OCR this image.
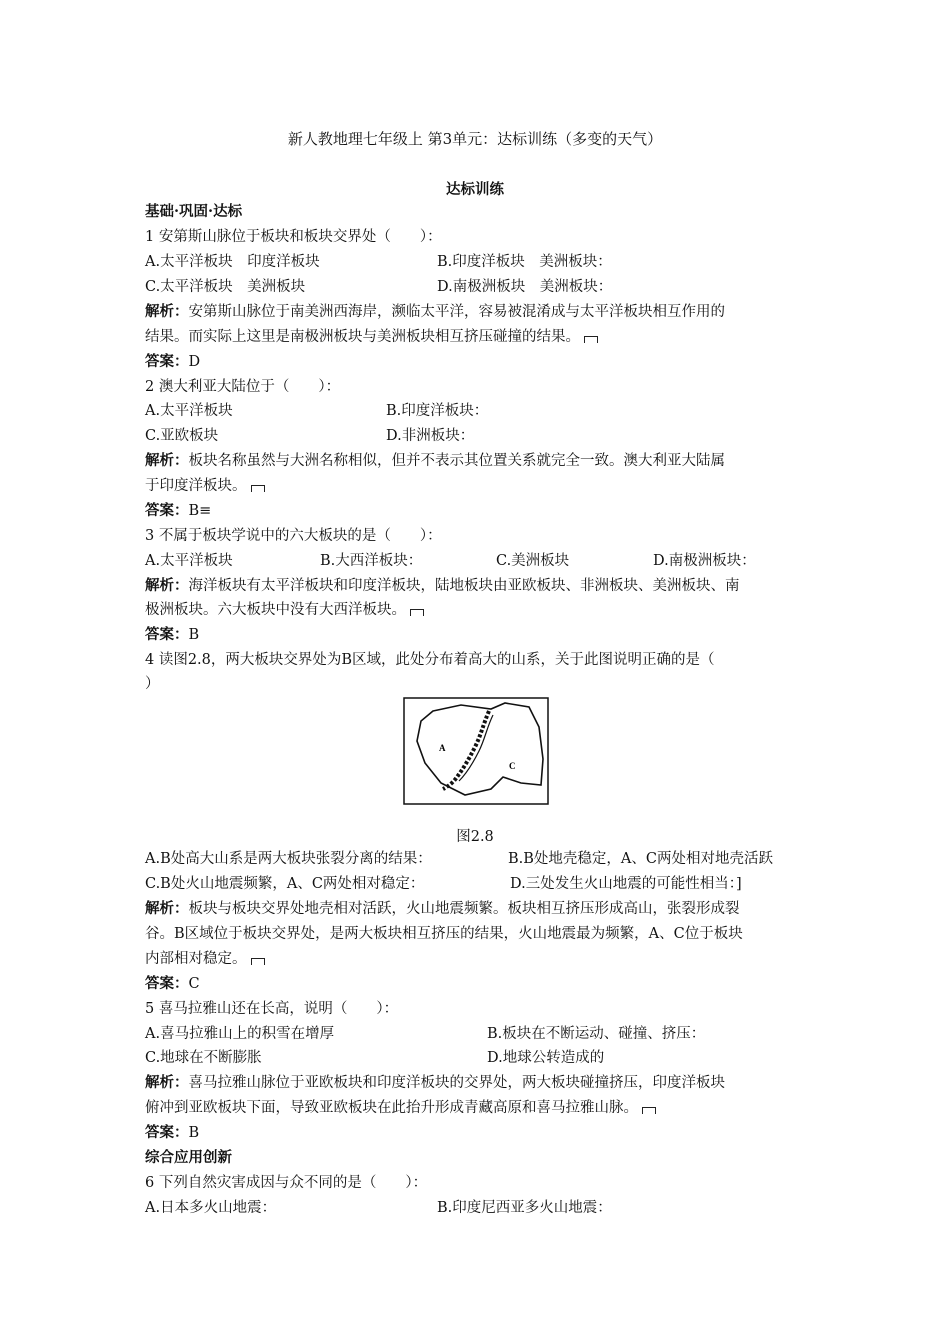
新人教地理七年级上 第3单元：达标训练（多变的天气）
达标训练
基础·巩固·达标
1 安第斯山脉位于板块和板块交界处（　　）：
A.太平洋板块　印度洋板块	B.印度洋板块　美洲板块：
C.太平洋板块　美洲板块	D.南极洲板块　美洲板块：
解析：安第斯山脉位于南美洲西海岸，濒临太平洋，容易被混淆成与太平洋板块相互作用的
结果。而实际上这里是南极洲板块与美洲板块相互挤压碰撞的结果。
答案：D
2 澳大利亚大陆位于（　　）：
A.太平洋板块	B.印度洋板块：
C.亚欧板块	D.非洲板块：
解析：板块名称虽然与大洲名称相似，但并不表示其位置关系就完全一致。澳大利亚大陆属
于印度洋板块。
答案：B≡
3 不属于板块学说中的六大板块的是（　　）：
A.太平洋板块	B.大西洋板块：	C.美洲板块	D.南极洲板块：
解析：海洋板块有太平洋板块和印度洋板块，陆地板块由亚欧板块、非洲板块、美洲板块、南
极洲板块。六大板块中没有大西洋板块。
答案：B
4 读图2.8，两大板块交界处为B区域，此处分布着高大的山系，关于此图说明正确的是（
）
A
C
图2.8
A.B处高大山系是两大板块张裂分离的结果：	B.B处地壳稳定，A、C两处相对地壳活跃
C.B处火山地震频繁，A、C两处相对稳定：	D.三处发生火山地震的可能性相当：]
解析：板块与板块交界处地壳相对活跃，火山地震频繁。板块相互挤压形成高山，张裂形成裂
谷。B区域位于板块交界处，是两大板块相互挤压的结果，火山地震最为频繁，A、C位于板块
内部相对稳定。
答案：C
5 喜马拉雅山还在长高，说明（　　）：
A.喜马拉雅山上的积雪在增厚	B.板块在不断运动、碰撞、挤压：
C.地球在不断膨胀	D.地球公转造成的
解析：喜马拉雅山脉位于亚欧板块和印度洋板块的交界处，两大板块碰撞挤压，印度洋板块
俯冲到亚欧板块下面，导致亚欧板块在此抬升形成青藏高原和喜马拉雅山脉。
答案：B
综合应用创新
6 下列自然灾害成因与众不同的是（　　）：
A.日本多火山地震：	B.印度尼西亚多火山地震：
